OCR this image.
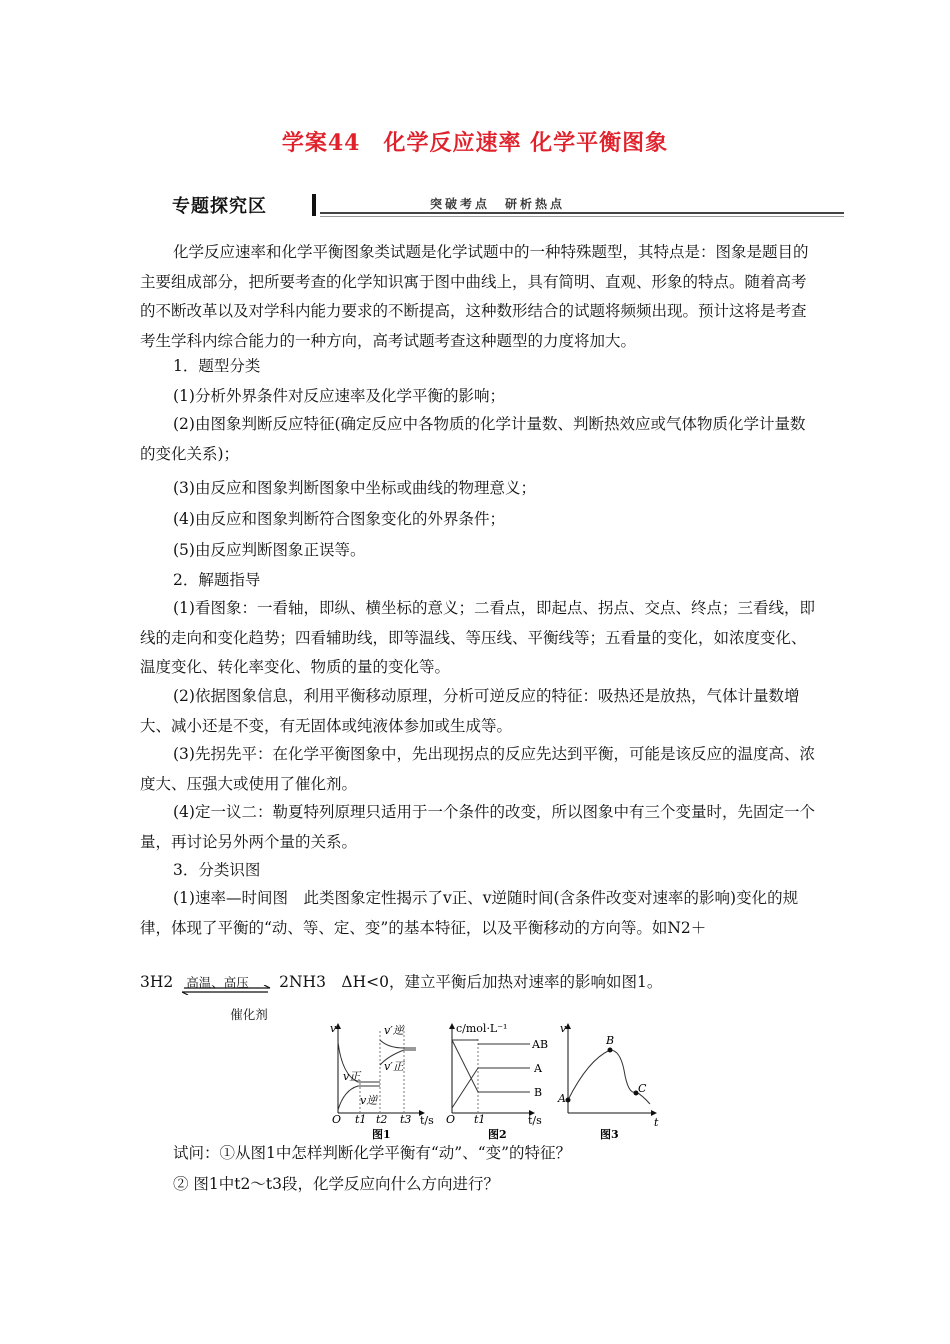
学案44　化学反应速率 化学平衡图象
专题探究区	突破考点　研析热点
化学反应速率和化学平衡图象类试题是化学试题中的一种特殊题型，其特点是：图象是题目的主要组成部分，把所要考查的化学知识寓于图中曲线上，具有简明、直观、形象的特点。随着高考的不断改革以及对学科内能力要求的不断提高，这种数形结合的试题将频频出现。预计这将是考查考生学科内综合能力的一种方向，高考试题考查这种题型的力度将加大。
1．题型分类
(1)分析外界条件对反应速率及化学平衡的影响；
(2)由图象判断反应特征(确定反应中各物质的化学计量数、判断热效应或气体物质化学计量数的变化关系)；
(3)由反应和图象判断图象中坐标或曲线的物理意义；
(4)由反应和图象判断符合图象变化的外界条件；
(5)由反应判断图象正误等。
2．解题指导
(1)看图象：一看轴，即纵、横坐标的意义；二看点，即起点、拐点、交点、终点；三看线，即线的走向和变化趋势；四看辅助线，即等温线、等压线、平衡线等；五看量的变化，如浓度变化、温度变化、转化率变化、物质的量的变化等。
(2)依据图象信息，利用平衡移动原理，分析可逆反应的特征：吸热还是放热，气体计量数增大、减小还是不变，有无固体或纯液体参加或生成等。
(3)先拐先平：在化学平衡图象中，先出现拐点的反应先达到平衡，可能是该反应的温度高、浓度大、压强大或使用了催化剂。
(4)定一议二：勒夏特列原理只适用于一个条件的改变，所以图象中有三个变量时，先固定一个量，再讨论另外两个量的关系。
3．分类识图
(1)速率—时间图　此类图象定性揭示了v正、v逆随时间(含条件改变对速率的影响)变化的规律，体现了平衡的“动、等、定、变”的基本特征，以及平衡移动的方向等。如N2＋
3H2 高温、高压
催化剂
2NH3　ΔH<0，建立平衡后加热对速率的影响如图1。
v
O	t/s
t1 t2 t3
v正
v逆
v′逆
v′正
图1
c/mol·L⁻¹
O t1	t/s
AB
A
B
图2
v
t
A
B
C
图3
试问：①从图1中怎样判断化学平衡有“动”、“变”的特征？
② 图1中t2～t3段，化学反应向什么方向进行？
